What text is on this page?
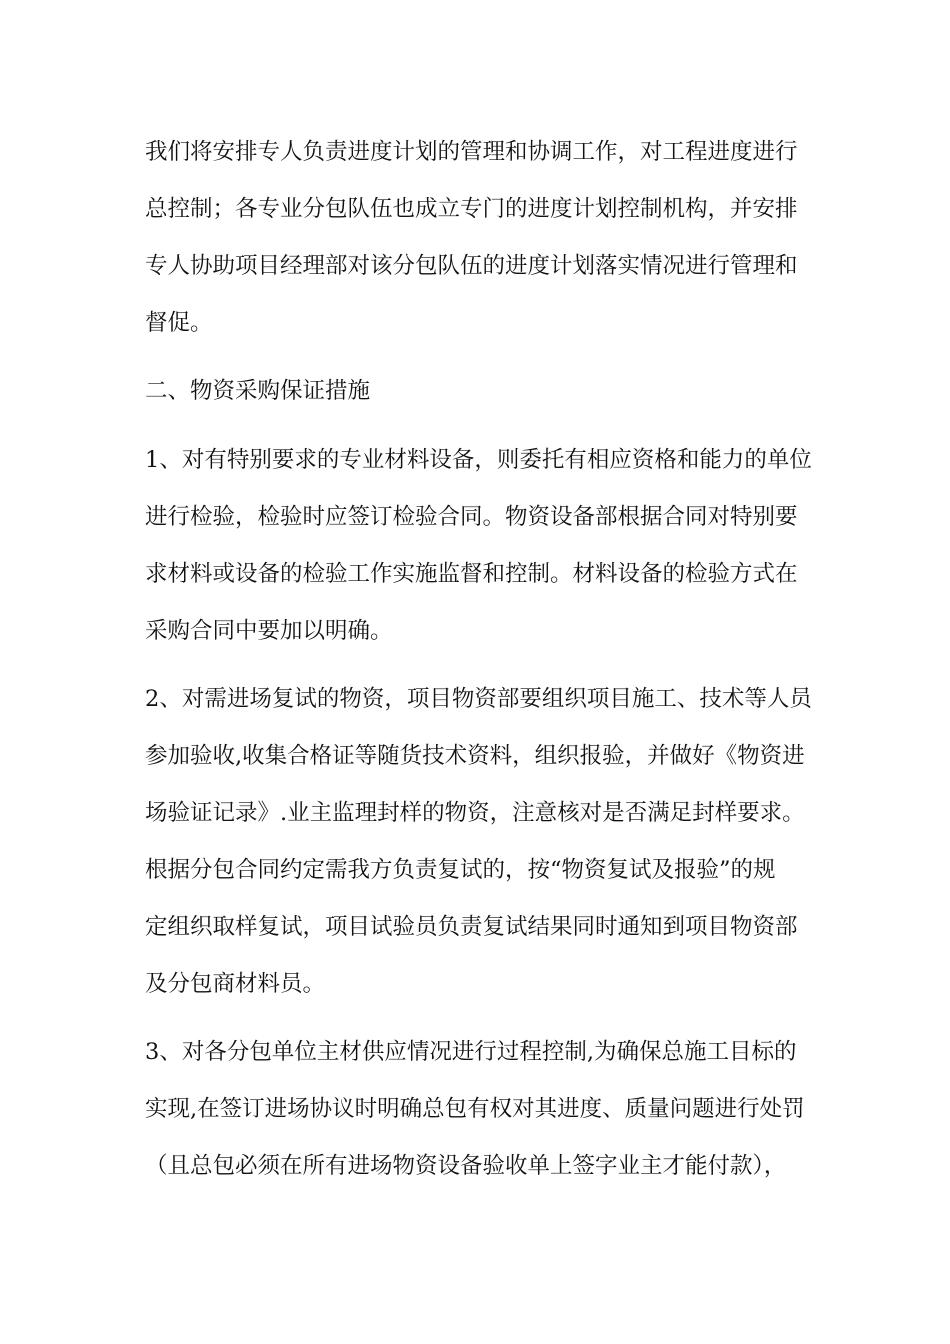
我们将安排专人负责进度计划的管理和协调工作，对工程进度进行
总控制；各专业分包队伍也成立专门的进度计划控制机构，并安排
专人协助项目经理部对该分包队伍的进度计划落实情况进行管理和
督促。
二、物资采购保证措施
1、对有特别要求的专业材料设备，则委托有相应资格和能力的单位
进行检验，检验时应签订检验合同。物资设备部根据合同对特别要
求材料或设备的检验工作实施监督和控制。材料设备的检验方式在
采购合同中要加以明确。
2、对需进场复试的物资，项目物资部要组织项目施工、技术等人员
参加验收,收集合格证等随货技术资料，组织报验，并做好《物资进
场验证记录》.业主监理封样的物资，注意核对是否满足封样要求。
根据分包合同约定需我方负责复试的，按“物资复试及报验”的规
定组织取样复试，项目试验员负责复试结果同时通知到项目物资部
及分包商材料员。
3、对各分包单位主材供应情况进行过程控制,为确保总施工目标的
实现,在签订进场协议时明确总包有权对其进度、质量问题进行处罚
（且总包必须在所有进场物资设备验收单上签字业主才能付款），
